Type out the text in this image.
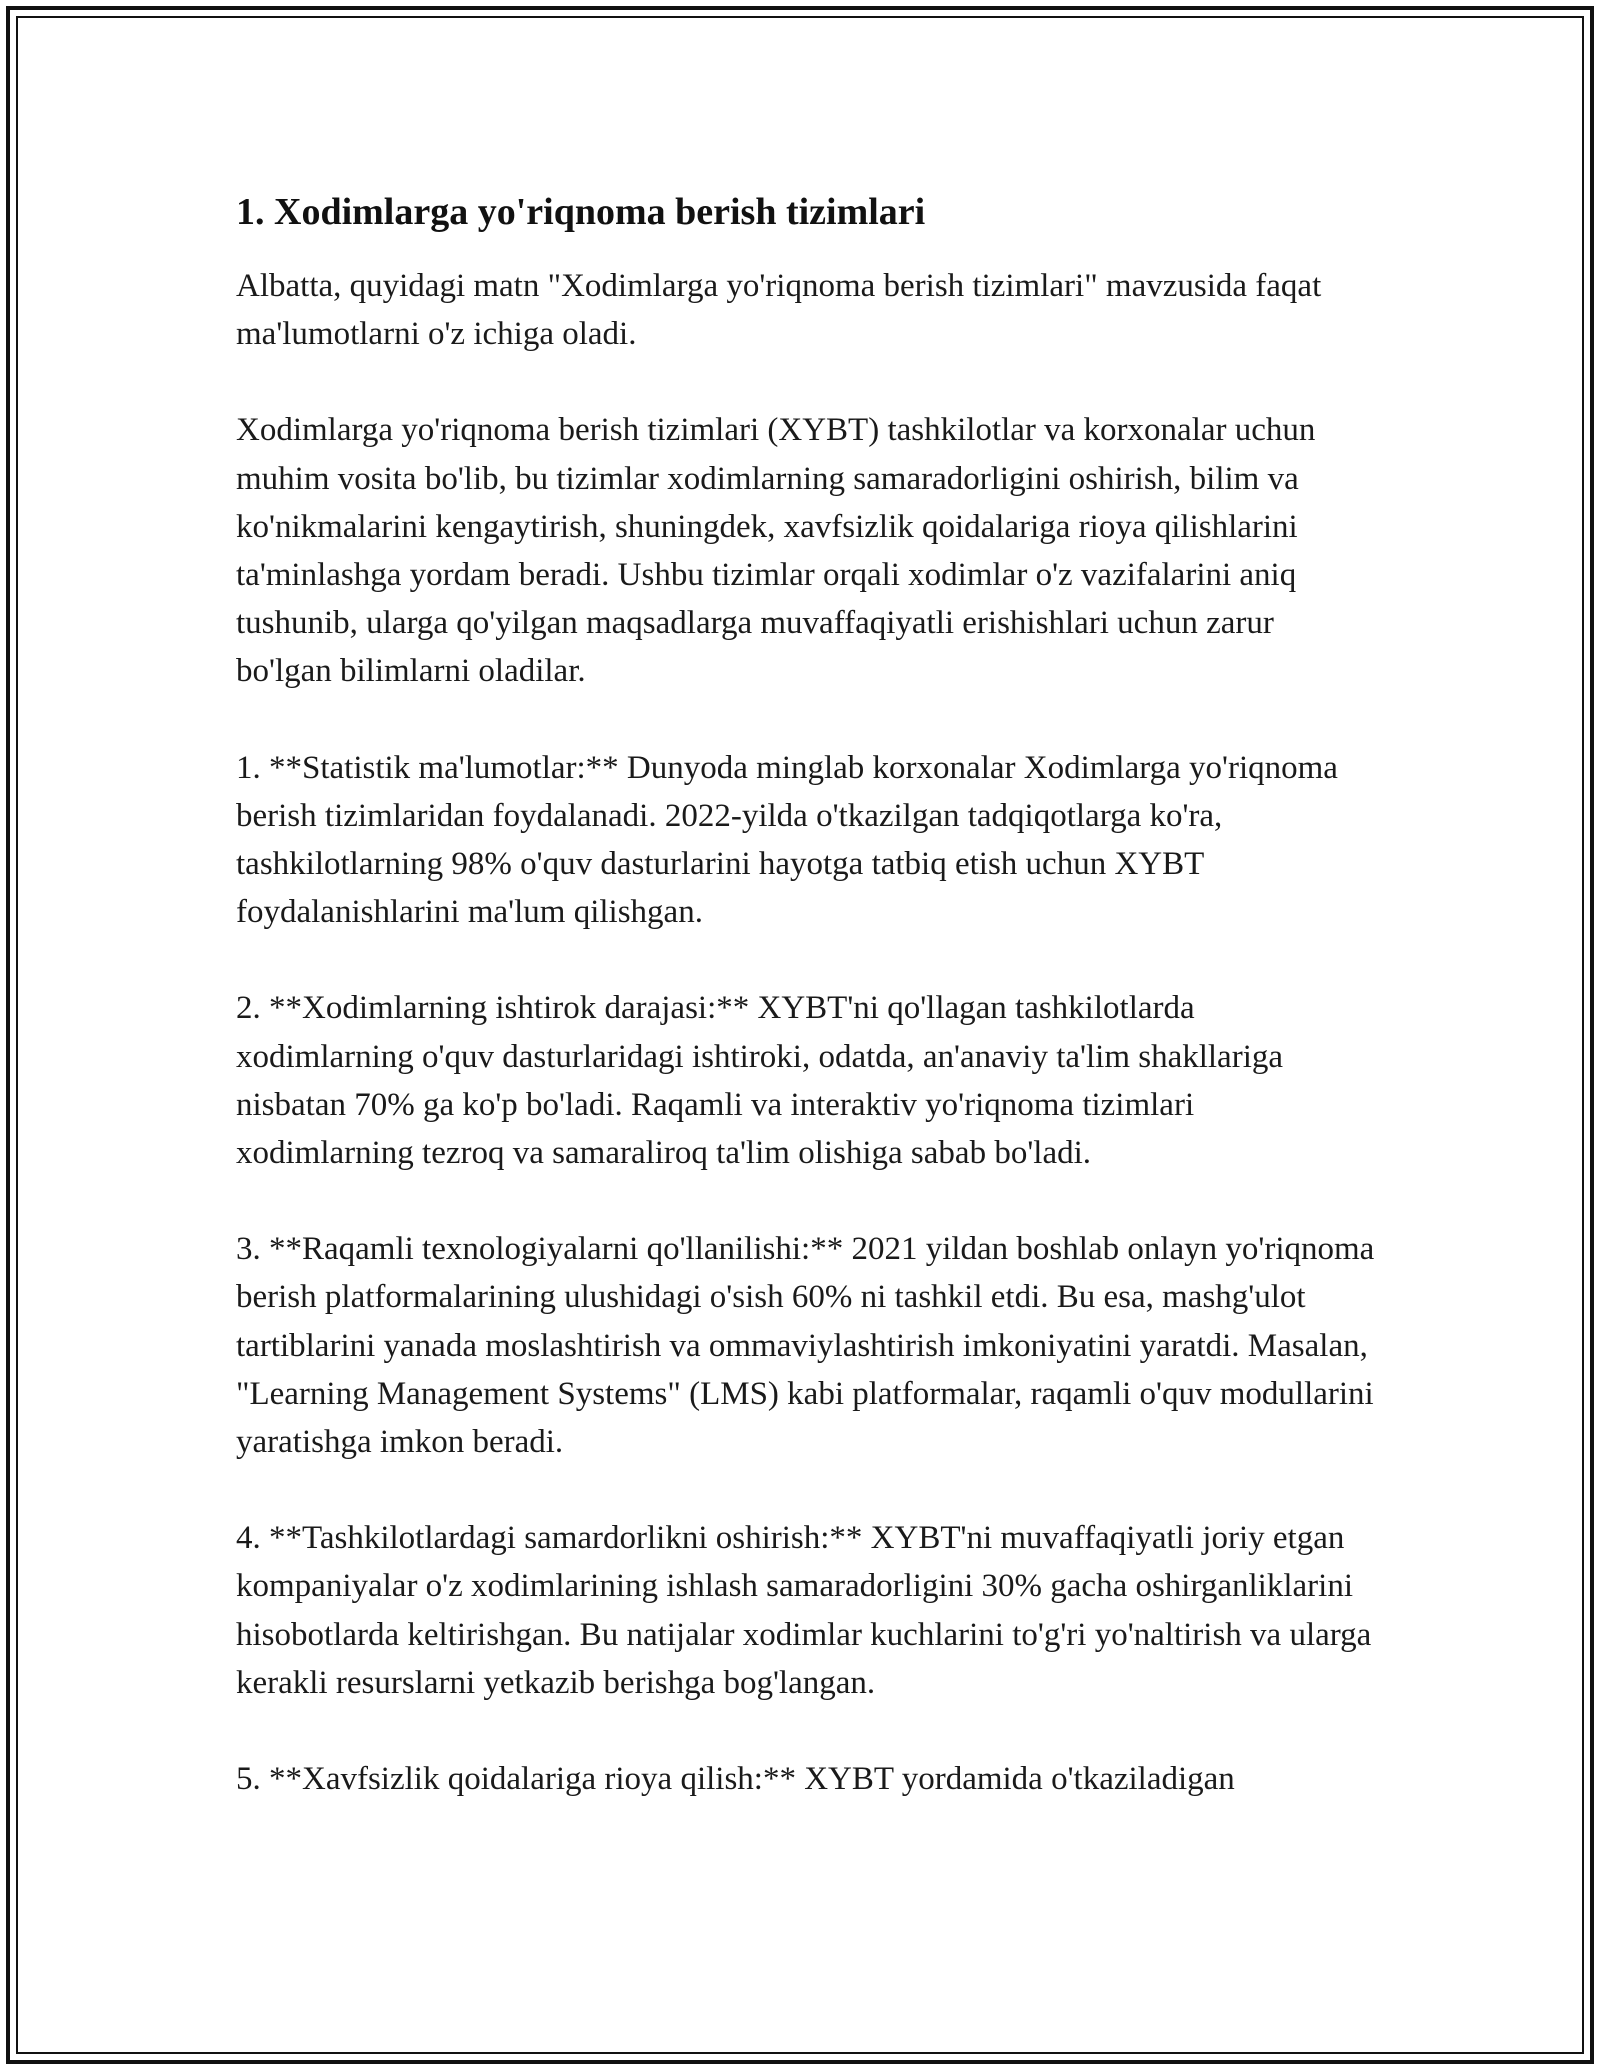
1. Xodimlarga yo'riqnoma berish tizimlari

Albatta, quyidagi matn "Xodimlarga yo'riqnoma berish tizimlari" mavzusida faqat ma'lumotlarni o'z ichiga oladi.

Xodimlarga yo'riqnoma berish tizimlari (XYBT) tashkilotlar va korxonalar uchun muhim vosita bo'lib, bu tizimlar xodimlarning samaradorligini oshirish, bilim va ko'nikmalarini kengaytirish, shuningdek, xavfsizlik qoidalariga rioya qilishlarini ta'minlashga yordam beradi. Ushbu tizimlar orqali xodimlar o'z vazifalarini aniq tushunib, ularga qo'yilgan maqsadlarga muvaffaqiyatli erishishlari uchun zarur bo'lgan bilimlarni oladilar.

1. **Statistik ma'lumotlar:** Dunyoda minglab korxonalar Xodimlarga yo'riqnoma berish tizimlaridan foydalanadi. 2022-yilda o'tkazilgan tadqiqotlarga ko'ra, tashkilotlarning 98% o'quv dasturlarini hayotga tatbiq etish uchun XYBT foydalanishlarini ma'lum qilishgan.

2. **Xodimlarning ishtirok darajasi:** XYBT'ni qo'llagan tashkilotlarda xodimlarning o'quv dasturlaridagi ishtiroki, odatda, an'anaviy ta'lim shakllariga nisbatan 70% ga ko'p bo'ladi. Raqamli va interaktiv yo'riqnoma tizimlari xodimlarning tezroq va samaraliroq ta'lim olishiga sabab bo'ladi.

3. **Raqamli texnologiyalarni qo'llanilishi:** 2021 yildan boshlab onlayn yo'riqnoma berish platformalarining ulushidagi o'sish 60% ni tashkil etdi. Bu esa, mashg'ulot tartiblarini yanada moslashtirish va ommaviylashtirish imkoniyatini yaratdi. Masalan, "Learning Management Systems" (LMS) kabi platformalar, raqamli o'quv modullarini yaratishga imkon beradi.

4. **Tashkilotlardagi samardorlikni oshirish:** XYBT'ni muvaffaqiyatli joriy etgan kompaniyalar o'z xodimlarining ishlash samaradorligini 30% gacha oshirganliklarini hisobotlarda keltirishgan. Bu natijalar xodimlar kuchlarini to'g'ri yo'naltirish va ularga kerakli resurslarni yetkazib berishga bog'langan.

5. **Xavfsizlik qoidalariga rioya qilish:** XYBT yordamida o'tkaziladigan
